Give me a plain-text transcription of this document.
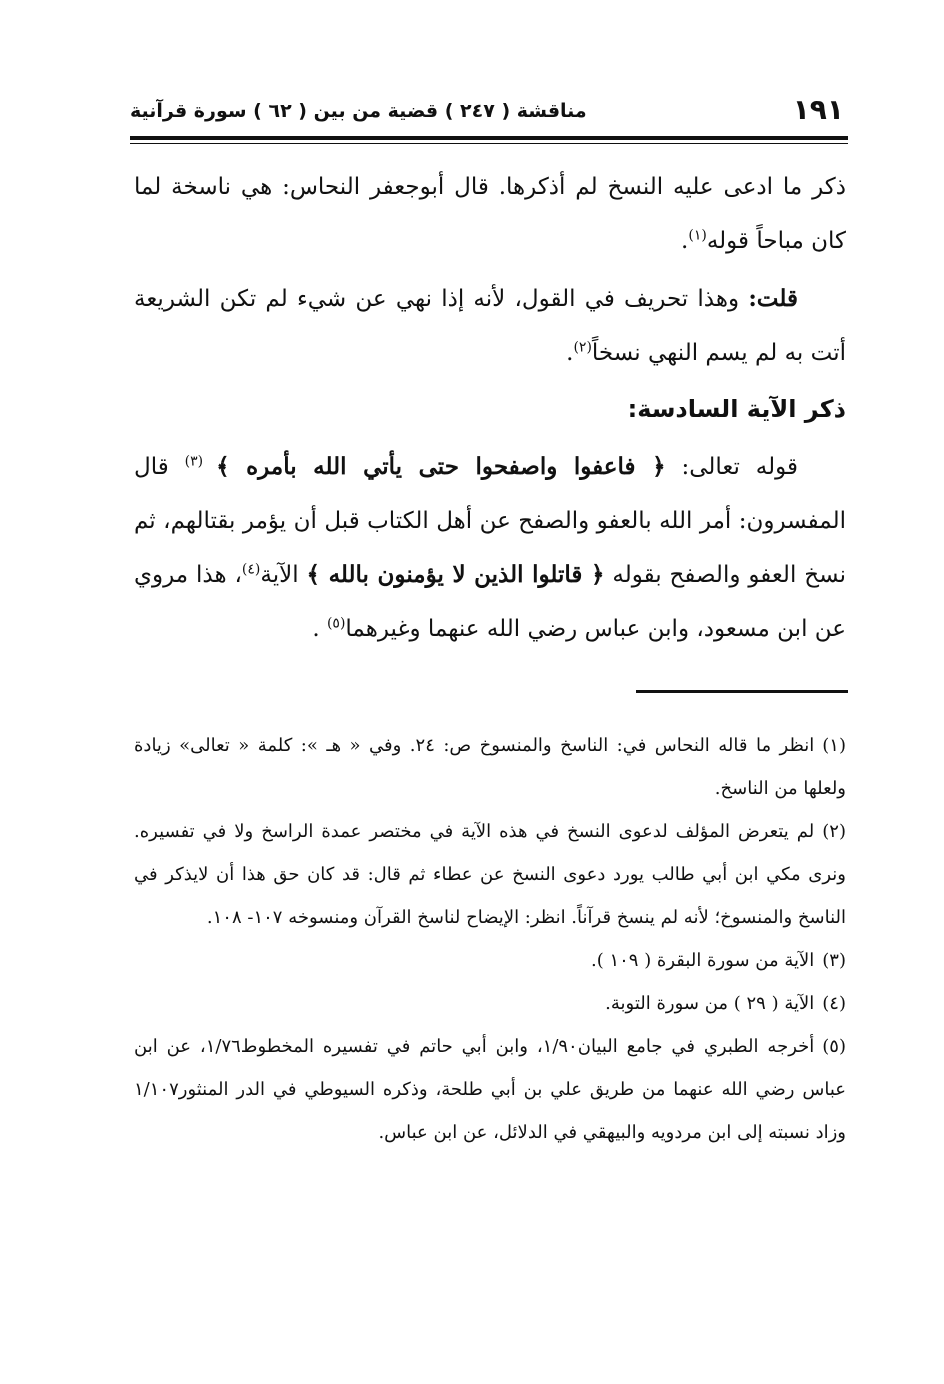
١٩١
مناقشة ( ٢٤٧ ) قضية من بين ( ٦٢ ) سورة قرآنية

ذكر ما ادعى عليه النسخ لم أذكرها. قال أبوجعفر النحاس: هي ناسخة لما كان مباحاً قوله$^{(١)}$.

قلت: وهذا تحريف في القول، لأنه إذا نهي عن شيء لم تكن الشريعة أتت به لم يسم النهي نسخاً$^{(٢)}$.

ذكر الآية السادسة:

قوله تعالى: ﴿ فاعفوا واصفحوا حتى يأتي الله بأمره ﴾ $^{(٣)}$ قال المفسرون: أمر الله بالعفو والصفح عن أهل الكتاب قبل أن يؤمر بقتالهم، ثم نسخ العفو والصفح بقوله ﴿ قاتلوا الذين لا يؤمنون بالله ﴾ الآية$^{(٤)}$، هذا مروي عن ابن مسعود، وابن عباس رضي الله عنهما وغيرهما$^{(٥)}$ .

(١)انظر ما قاله النحاس في: الناسخ والمنسوخ ص: ٢٤. وفي « هـ »: كلمة « تعالى» زيادة ولعلها من الناسخ.

(٢)لم يتعرض المؤلف لدعوى النسخ في هذه الآية في مختصر عمدة الراسخ ولا في تفسيره. ونرى مكي ابن أبي طالب يورد دعوى النسخ عن عطاء ثم قال: قد كان حق هذا أن لايذكر في الناسخ والمنسوخ؛ لأنه لم ينسخ قرآناً. انظر: الإيضاح لناسخ القرآن ومنسوخه ١٠٧- ١٠٨.

(٣)الآية من سورة البقرة ( ١٠٩ ).

(٤)الآية ( ٢٩ ) من سورة التوبة.

(٥)أخرجه الطبري في جامع البيان١/٩٠، وابن أبي حاتم في تفسيره المخطوط١/٧٦، عن ابن عباس رضي الله عنهما من طريق علي بن أبي طلحة، وذكره السيوطي في الدر المنثور١/١٠٧ وزاد نسبته إلى ابن مردويه والبيهقي في الدلائل، عن ابن عباس.
